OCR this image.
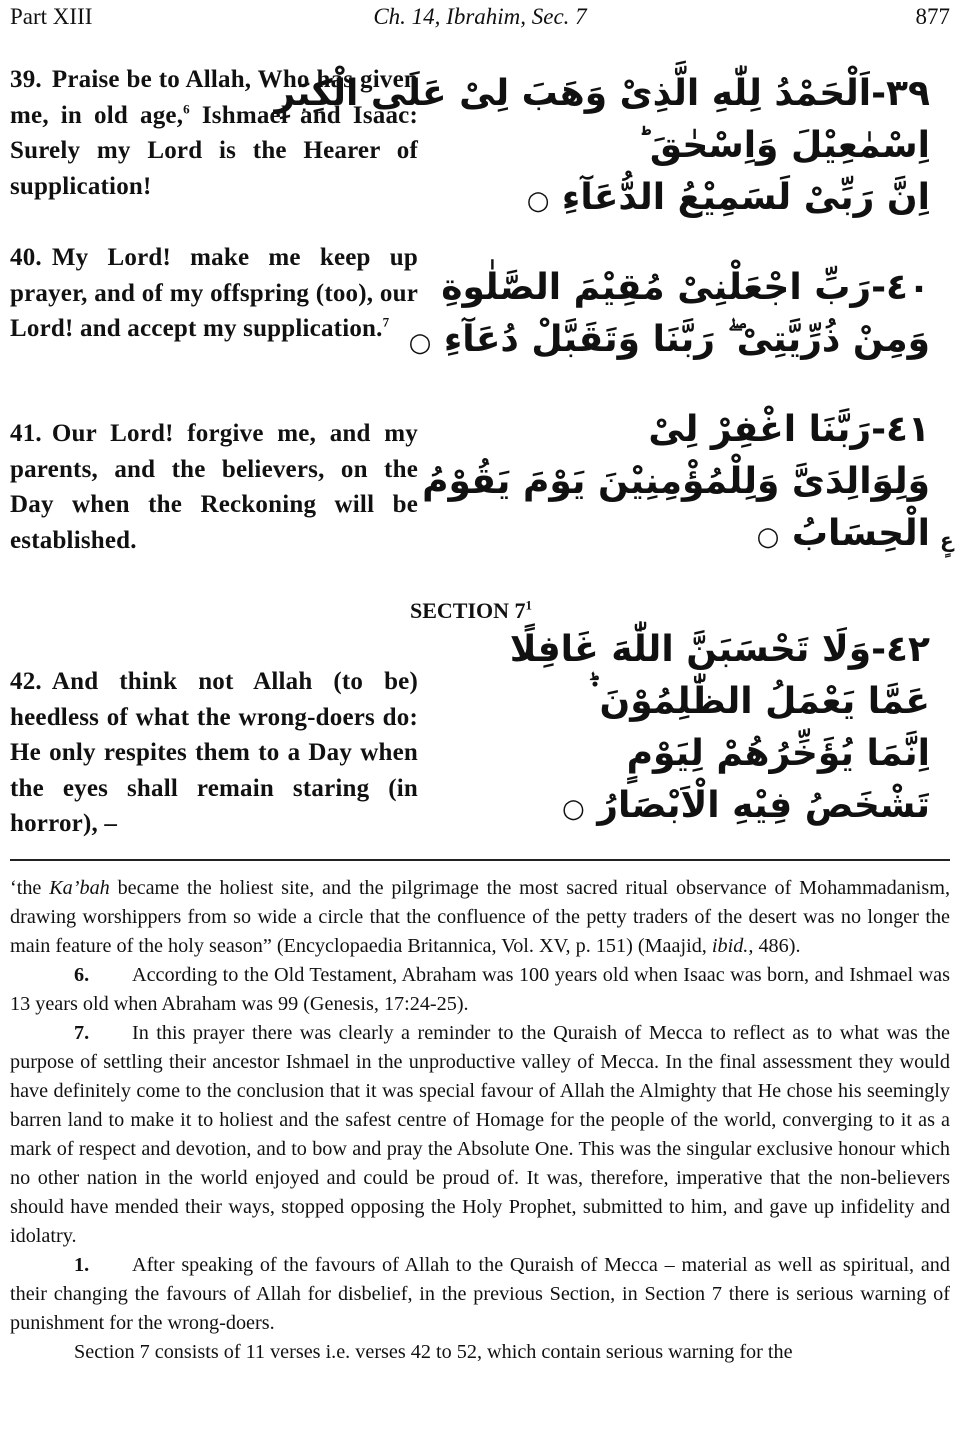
Part XIII	Ch. 14, Ibrahim, Sec. 7	877
39. Praise be to Allah, Who has given me, in old age,$^6$ Ishmael and Isaac: Surely my Lord is the Hearer of supplication!
٣٩-اَلْحَمْدُ لِلّٰهِ الَّذِىْ وَهَبَ لِىْ عَلَى الْكِبَرِ
اِسْمٰعِيْلَ وَاِسْحٰقَ ؕ
اِنَّ رَبِّىْ لَسَمِيْعُ الدُّعَآءِ ○
40. My Lord! make me keep up prayer, and of my offspring (too), our Lord! and accept my supplication.$^7$
٤٠-رَبِّ اجْعَلْنِىْ مُقِيْمَ الصَّلٰوةِ
وَمِنْ ذُرِّيَّتِىْ ۖ رَبَّنَا وَتَقَبَّلْ دُعَآءِ ○
41. Our Lord! forgive me, and my parents, and the believers, on the Day when the Reckoning will be established.
٤١-رَبَّنَا اغْفِرْ لِىْ
وَلِوَالِدَىَّ وَلِلْمُؤْمِنِيْنَ يَوْمَ يَقُوْمُ
الْحِسَابُ ○	عٍ
SECTION $7^1$
42. And think not Allah (to be) heedless of what the wrong-doers do: He only respites them to a Day when the eyes shall remain staring (in horror), –
٤٢-وَلَا تَحْسَبَنَّ اللّٰهَ غَافِلًا
عَمَّا يَعْمَلُ الظّٰلِمُوْنَ ۬ؕ
اِنَّمَا يُؤَخِّرُهُمْ لِيَوْمٍ
تَشْخَصُ فِيْهِ الْاَبْصَارُ ○

‘the Ka’bah became the holiest site, and the pilgrimage the most sacred ritual observance of Mohammadanism, drawing worshippers from so wide a circle that the confluence of the petty traders of the desert was no longer the main feature of the holy season” (Encyclopaedia Britannica, Vol. XV, p. 151) (Maajid, ibid., 486).

6. According to the Old Testament, Abraham was 100 years old when Isaac was born, and Ishmael was 13 years old when Abraham was 99 (Genesis, 17:24-25).

7. In this prayer there was clearly a reminder to the Quraish of Mecca to reflect as to what was the purpose of settling their ancestor Ishmael in the unproductive valley of Mecca. In the final assessment they would have definitely come to the conclusion that it was special favour of Allah the Almighty that He chose his seemingly barren land to make it to holiest and the safest centre of Homage for the people of the world, converging to it as a mark of respect and devotion, and to bow and pray the Absolute One. This was the singular exclusive honour which no other nation in the world enjoyed and could be proud of. It was, therefore, imperative that the non-believers should have mended their ways, stopped opposing the Holy Prophet, submitted to him, and gave up infidelity and idolatry.

1. After speaking of the favours of Allah to the Quraish of Mecca – material as well as spiritual, and their changing the favours of Allah for disbelief, in the previous Section, in Section 7 there is serious warning of punishment for the wrong-doers.

Section 7 consists of 11 verses i.e. verses 42 to 52, which contain serious warning for the
